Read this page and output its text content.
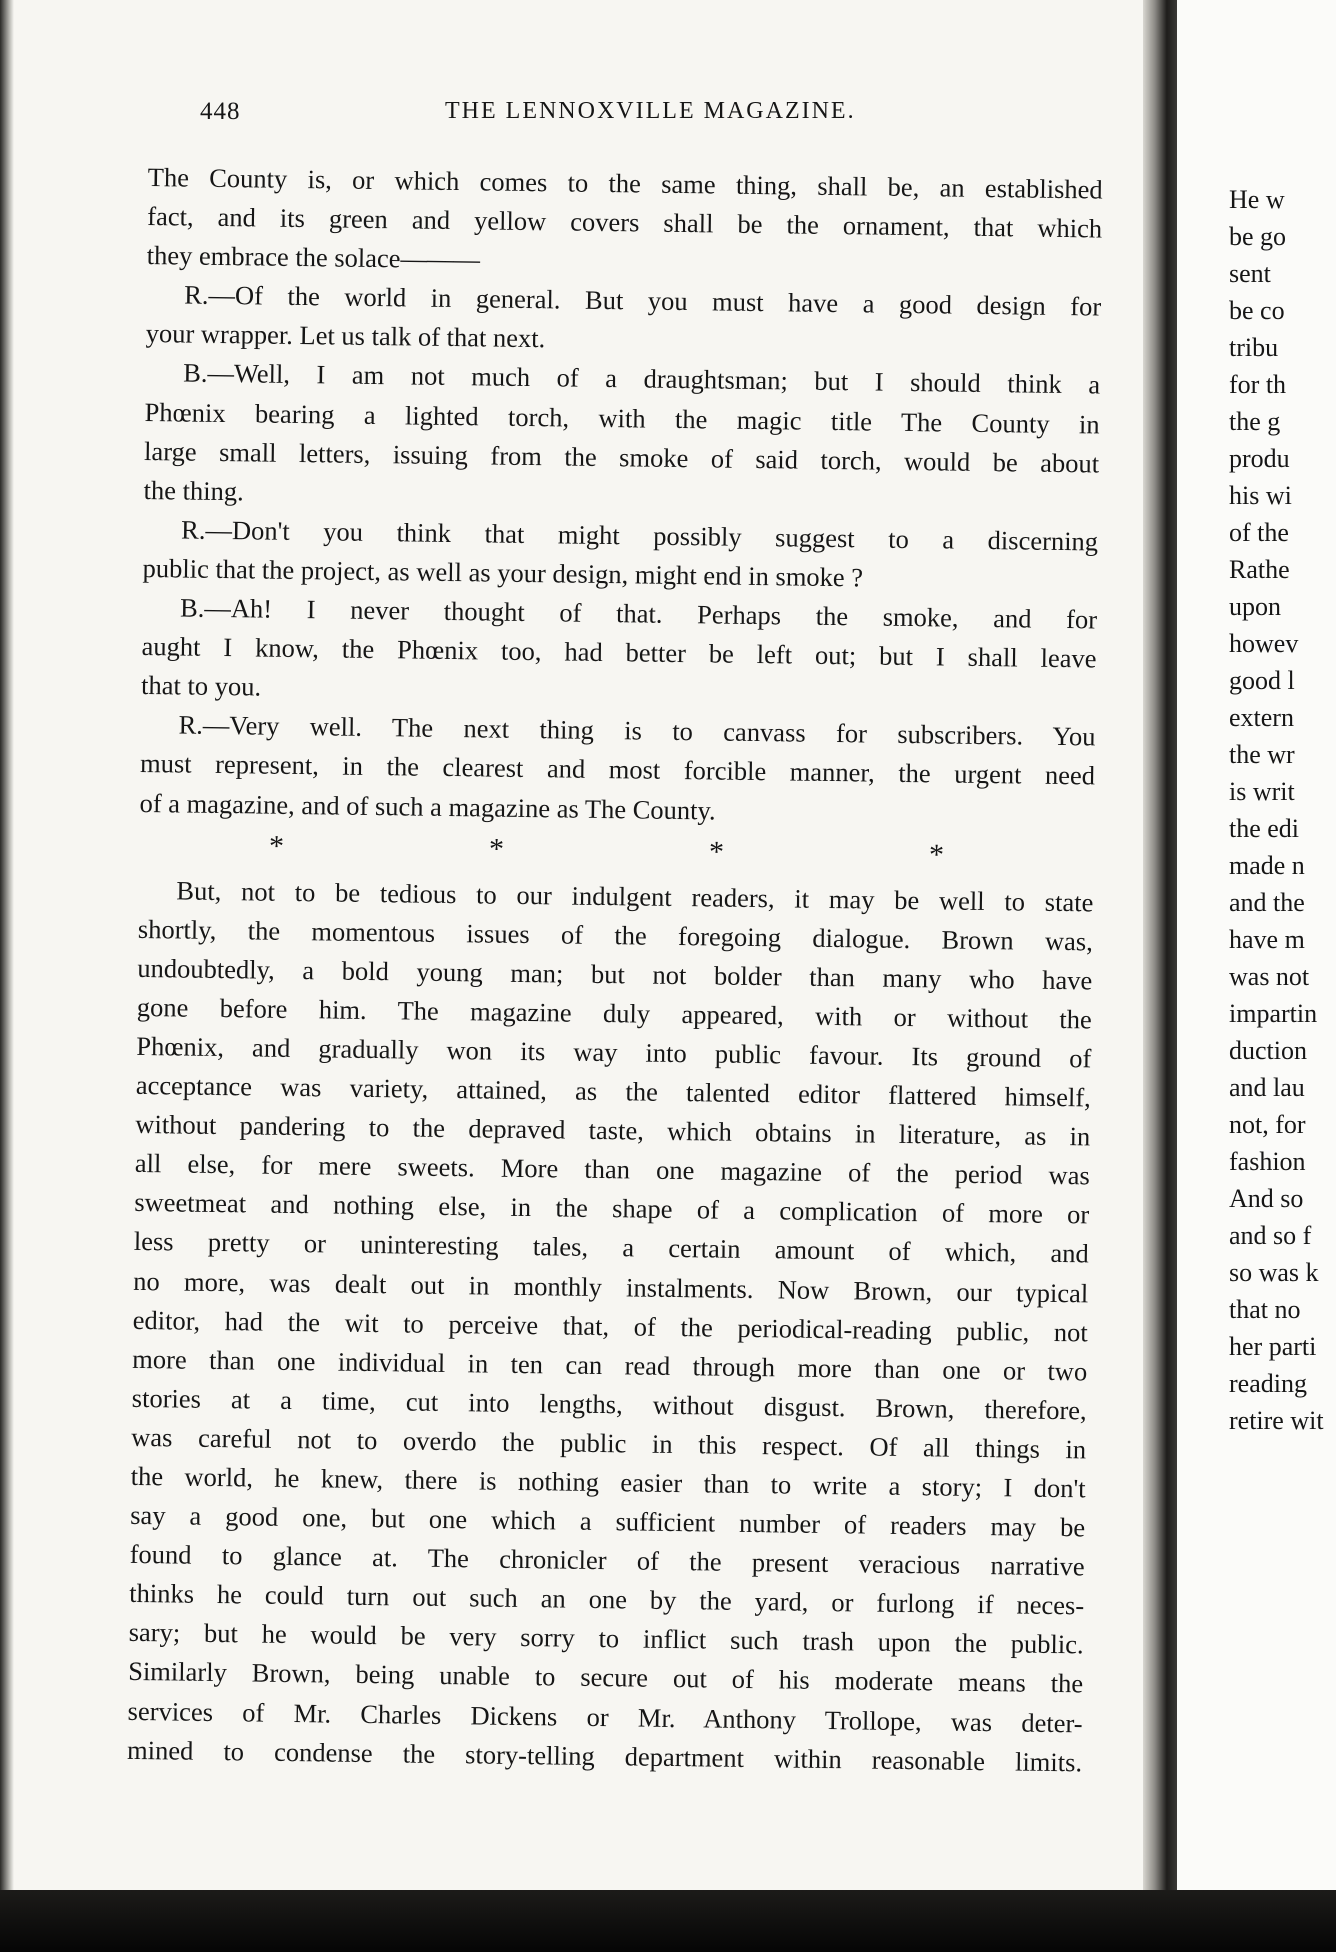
448	THE LENNOXVILLE MAGAZINE.
The County is, or which comes to the same thing, shall be, an established
fact, and its green and yellow covers shall be the ornament, that which
they embrace the solace———
R.—Of the world in general. But you must have a good design for
your wrapper. Let us talk of that next.
B.—Well, I am not much of a draughtsman; but I should think a
Phœnix bearing a lighted torch, with the magic title The County in
large small letters, issuing from the smoke of said torch, would be about
the thing.
R.—Don't you think that might possibly suggest to a discerning
public that the project, as well as your design, might end in smoke ?
B.—Ah! I never thought of that. Perhaps the smoke, and for
aught I know, the Phœnix too, had better be left out; but I shall leave
that to you.
R.—Very well. The next thing is to canvass for subscribers. You
must represent, in the clearest and most forcible manner, the urgent need
of a magazine, and of such a magazine as The County.
*	*	*	*
But, not to be tedious to our indulgent readers, it may be well to state
shortly, the momentous issues of the foregoing dialogue. Brown was,
undoubtedly, a bold young man; but not bolder than many who have
gone before him. The magazine duly appeared, with or without the
Phœnix, and gradually won its way into public favour. Its ground of
acceptance was variety, attained, as the talented editor flattered himself,
without pandering to the depraved taste, which obtains in literature, as in
all else, for mere sweets. More than one magazine of the period was
sweetmeat and nothing else, in the shape of a complication of more or
less pretty or uninteresting tales, a certain amount of which, and
no more, was dealt out in monthly instalments. Now Brown, our typical
editor, had the wit to perceive that, of the periodical-reading public, not
more than one individual in ten can read through more than one or two
stories at a time, cut into lengths, without disgust. Brown, therefore,
was careful not to overdo the public in this respect. Of all things in
the world, he knew, there is nothing easier than to write a story; I don't
say a good one, but one which a sufficient number of readers may be
found to glance at. The chronicler of the present veracious narrative
thinks he could turn out such an one by the yard, or furlong if neces-
sary; but he would be very sorry to inflict such trash upon the public.
Similarly Brown, being unable to secure out of his moderate means the
services of Mr. Charles Dickens or Mr. Anthony Trollope, was deter-
mined to condense the story-telling department within reasonable limits.
He w
be go
sent
be co
tribu
for th
the g
produ
his wi
of the
Rathe
upon
howev
good l
extern
the wr
is writ
the edi
made n
and the
have m
was not
impartin
duction
and lau
not, for
fashion
And so
and so f
so was k
that no
her parti
reading
retire wit
